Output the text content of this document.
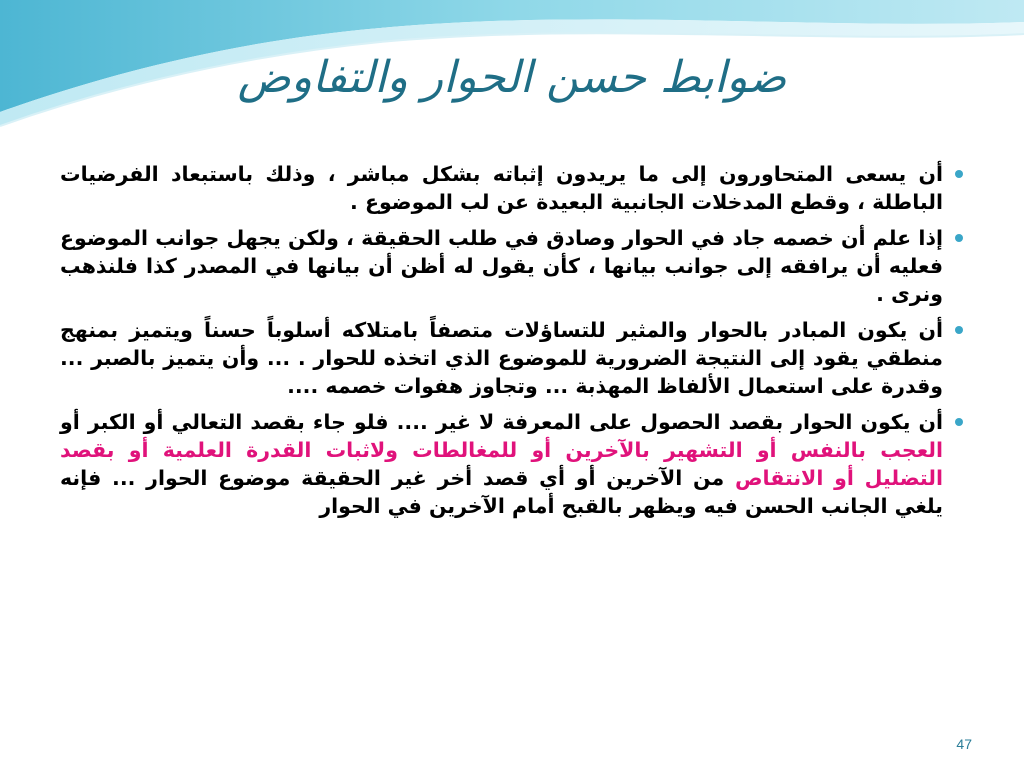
ضوابط حسن الحوار والتفاوض
أن يسعى المتحاورون إلى ما يريدون إثباته بشكل مباشر ، وذلك باستبعاد الفرضيات الباطلة ، وقطع المدخلات الجانبية البعيدة عن لب الموضوع .
إذا علم أن خصمه جاد في الحوار وصادق في طلب الحقيقة ، ولكن يجهل جوانب الموضوع فعليه أن يرافقه إلى جوانب بيانها ، كأن يقول له أظن أن بيانها في المصدر كذا فلنذهب ونرى .
أن يكون المبادر بالحوار والمثير للتساؤلات متصفاً بامتلاكه أسلوباً حسناً ويتميز بمنهج منطقي يقود إلى النتيجة الضرورية للموضوع الذي اتخذه للحوار . ... وأن يتميز بالصبر ... وقدرة على استعمال الألفاظ المهذبة ... وتجاوز هفوات خصمه ....
أن يكون الحوار بقصد الحصول على المعرفة لا غير .... فلو جاء بقصد التعالي أو الكبر أو العجب بالنفس أو التشهير بالآخرين أو للمغالطات ولاثبات القدرة العلمية أو بقصد التضليل أو الانتقاص من الآخرين أو أي قصد أخر غير الحقيقة موضوع الحوار ... فإنه يلغي الجانب الحسن فيه ويظهر بالقبح أمام الآخرين في الحوار
47
